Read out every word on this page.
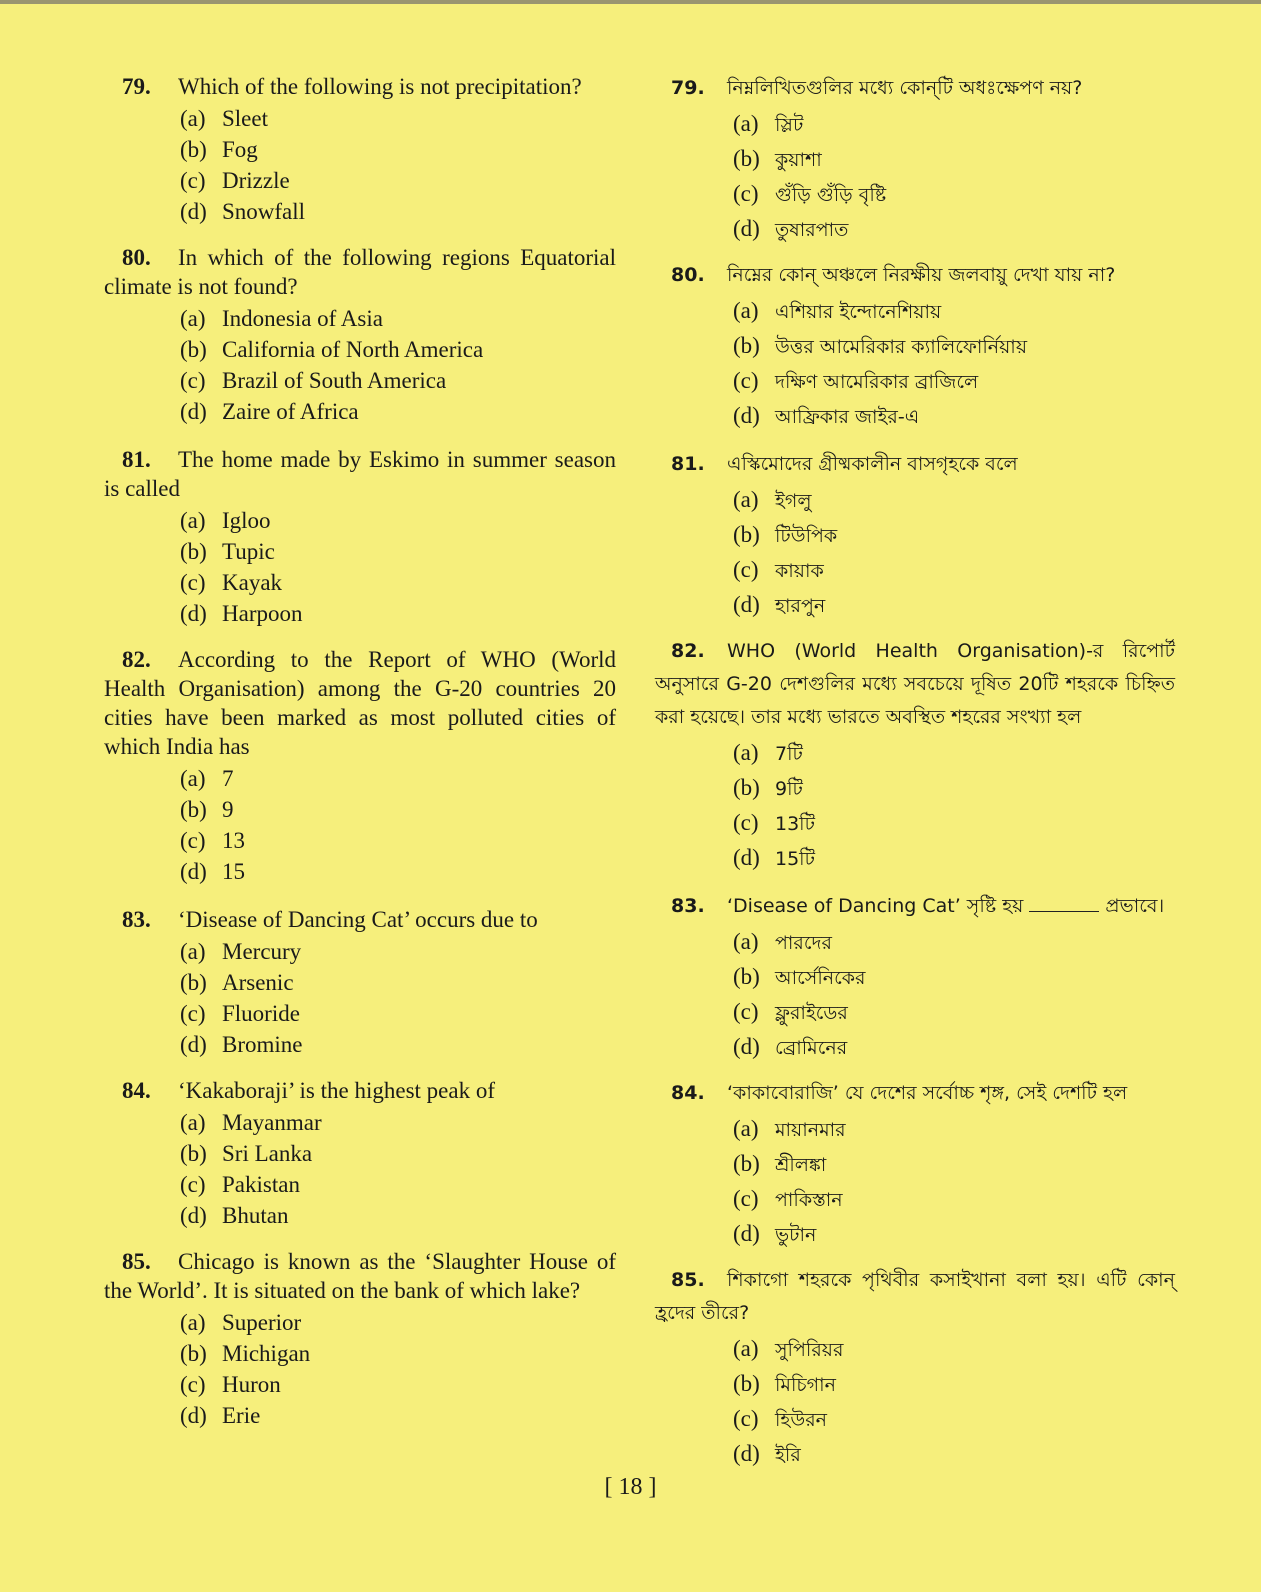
79. Which of the following is not precipitation?
(a) Sleet
(b) Fog
(c) Drizzle
(d) Snowfall
80. In which of the following regions Equatorial climate is not found?
(a) Indonesia of Asia
(b) California of North America
(c) Brazil of South America
(d) Zaire of Africa
81. The home made by Eskimo in summer season is called
(a) Igloo
(b) Tupic
(c) Kayak
(d) Harpoon
82. According to the Report of WHO (World Health Organisation) among the G-20 countries 20 cities have been marked as most polluted cities of which India has
(a) 7
(b) 9
(c) 13
(d) 15
83. ‘Disease of Dancing Cat’ occurs due to
(a) Mercury
(b) Arsenic
(c) Fluoride
(d) Bromine
84. ‘Kakaboraji’ is the highest peak of
(a) Mayanmar
(b) Sri Lanka
(c) Pakistan
(d) Bhutan
85. Chicago is known as the ‘Slaughter House of the World’. It is situated on the bank of which lake?
(a) Superior
(b) Michigan
(c) Huron
(d) Erie
79. নিম্নলিখিতগুলির মধ্যে কোন্‌টি অধঃক্ষেপণ নয়?
(a) স্লিট
(b) কুয়াশা
(c) গুঁড়ি গুঁড়ি বৃষ্টি
(d) তুষারপাত
80. নিম্নের কোন্‌ অঞ্চলে নিরক্ষীয় জলবায়ু দেখা যায় না?
(a) এশিয়ার ইন্দোনেশিয়ায়
(b) উত্তর আমেরিকার ক্যালিফোর্নিয়ায়
(c) দক্ষিণ আমেরিকার ব্রাজিলে
(d) আফ্রিকার জাইর-এ
81. এস্কিমোদের গ্রীষ্মকালীন বাসগৃহকে বলে
(a) ইগলু
(b) টিউপিক
(c) কায়াক
(d) হারপুন
82. WHO (World Health Organisation)-র রিপোর্ট অনুসারে G-20 দেশগুলির মধ্যে সবচেয়ে দূষিত 20টি শহরকে চিহ্নিত করা হয়েছে। তার মধ্যে ভারতে অবস্থিত শহরের সংখ্যা হল
(a) 7টি
(b) 9টি
(c) 13টি
(d) 15টি
83. ‘Disease of Dancing Cat’ সৃষ্টি হয়	প্রভাবে।
(a) পারদের
(b) আর্সেনিকের
(c) ফ্লুরাইডের
(d) ব্রোমিনের
84. ‘কাকাবোরাজি’ যে দেশের সর্বোচ্চ শৃঙ্গ, সেই দেশটি হল
(a) মায়ানমার
(b) শ্রীলঙ্কা
(c) পাকিস্তান
(d) ভুটান
85. শিকাগো শহরকে পৃথিবীর কসাইখানা বলা হয়। এটি কোন্‌ হ্রদের তীরে?
(a) সুপিরিয়র
(b) মিচিগান
(c) হিউরন
(d) ইরি
[ 18 ]
